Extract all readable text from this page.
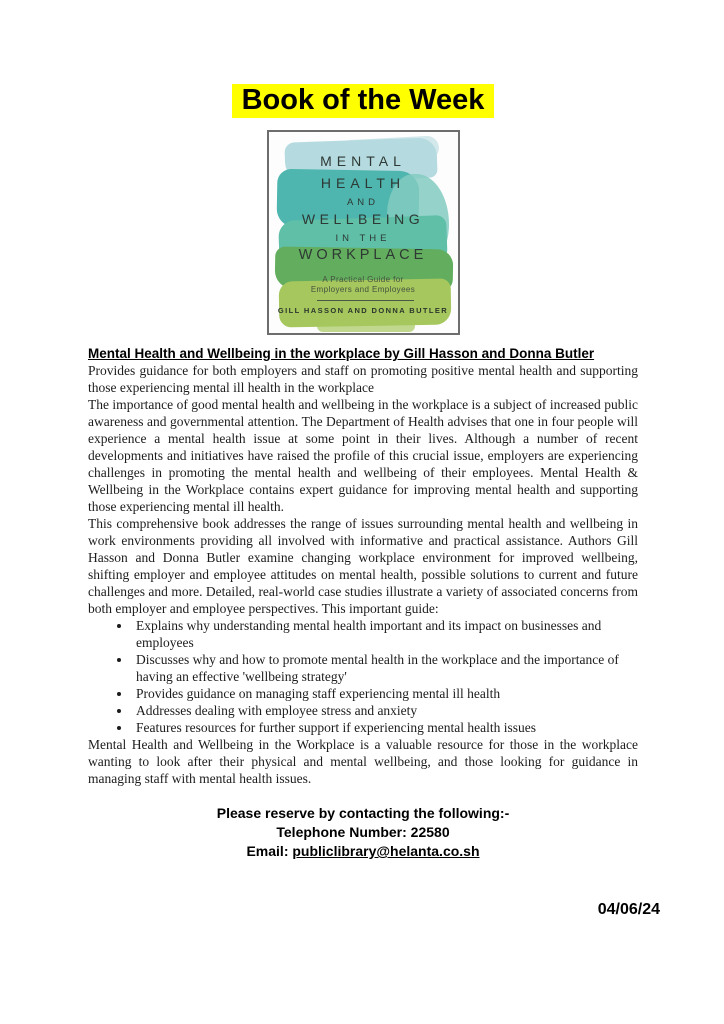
Book of the Week
MENTAL
HEALTH
AND
WELLBEING
IN THE
WORKPLACE
A Practical Guide for
Employers and Employees
GILL HASSON AND DONNA BUTLER
Mental Health and Wellbeing in the workplace by Gill Hasson and Donna Butler

Provides guidance for both employers and staff on promoting positive mental health and supporting those experiencing mental ill health in the workplace

The importance of good mental health and wellbeing in the workplace is a subject of increased public awareness and governmental attention. The Department of Health advises that one in four people will experience a mental health issue at some point in their lives. Although a number of recent developments and initiatives have raised the profile of this crucial issue, employers are experiencing challenges in promoting the mental health and wellbeing of their employees. Mental Health & Wellbeing in the Workplace contains expert guidance for improving mental health and supporting those experiencing mental ill health.

This comprehensive book addresses the range of issues surrounding mental health and wellbeing in work environments providing all involved with informative and practical assistance. Authors Gill Hasson and Donna Butler examine changing workplace environment for improved wellbeing, shifting employer and employee attitudes on mental health, possible solutions to current and future challenges and more. Detailed, real-world case studies illustrate a variety of associated concerns from both employer and employee perspectives. This important guide:

• Explains why understanding mental health important and its impact on businesses and employees
• Discusses why and how to promote mental health in the workplace and the importance of having an effective 'wellbeing strategy'
• Provides guidance on managing staff experiencing mental ill health
• Addresses dealing with employee stress and anxiety
• Features resources for further support if experiencing mental health issues

Mental Health and Wellbeing in the Workplace is a valuable resource for those in the workplace wanting to look after their physical and mental wellbeing, and those looking for guidance in managing staff with mental health issues.

Please reserve by contacting the following:-
Telephone Number: 22580
Email: publiclibrary@helanta.co.sh
04/06/24
